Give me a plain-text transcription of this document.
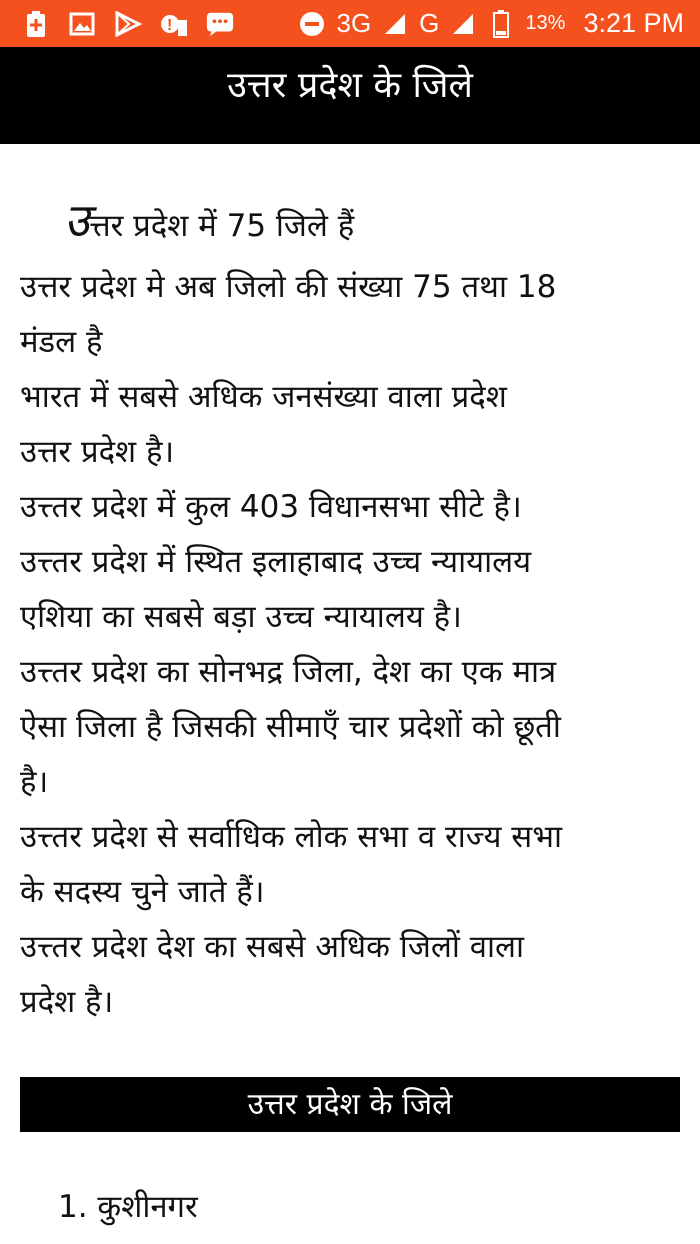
!	3G G	13% 3:21 PM
उत्तर प्रदेश के जिले
उत्तर प्रदेश में 75 जिले हैं
उत्तर प्रदेश मे अब जिलो की संख्या 75 तथा 18
मंडल है
भारत में सबसे अधिक जनसंख्या वाला प्रदेश
उत्तर प्रदेश है।
उत्त्तर प्रदेश में कुल 403 विधानसभा सीटे है।
उत्त्तर प्रदेश में स्थित इलाहाबाद उच्च न्यायालय
एशिया का सबसे बड़ा उच्च न्यायालय है।
उत्त्तर प्रदेश का सोनभद्र जिला, देश का एक मात्र
ऐसा जिला है जिसकी सीमाएँ चार प्रदेशों को छूती
है।
उत्त्तर प्रदेश से सर्वाधिक लोक सभा व राज्य सभा
के सदस्य चुने जाते हैं।
उत्त्तर प्रदेश देश का सबसे अधिक जिलों वाला
प्रदेश है।
उत्तर प्रदेश के जिले
1. कुशीनगर
